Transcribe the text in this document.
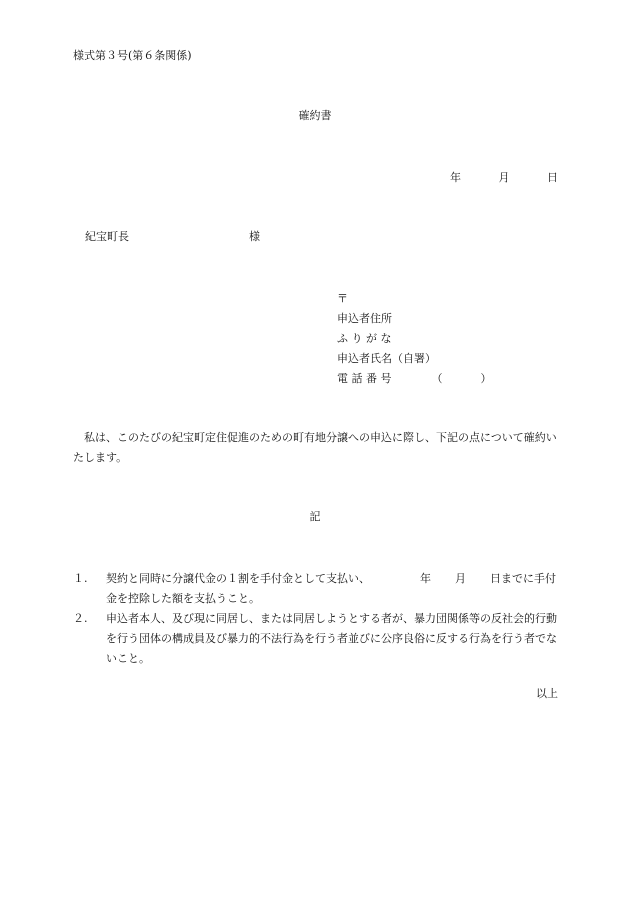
様式第３号(第６条関係)
確約書
年	月	日
紀宝町長	様
〒
申込者住所
ふ り が な
申込者氏名（自署）
電 話 番 号	（	）
　私は、このたびの紀宝町定住促進のための町有地分譲への申込に際し、下記の点について確約いたします。
記
１. 契約と同時に分譲代金の１割を手付金として支払い、	年 月 日までに手付金を控除した額を支払うこと。
２. 申込者本人、及び現に同居し、または同居しようとする者が、暴力団関係等の反社会的行動を行う団体の構成員及び暴力的不法行為を行う者並びに公序良俗に反する行為を行う者でないこと。
以上
